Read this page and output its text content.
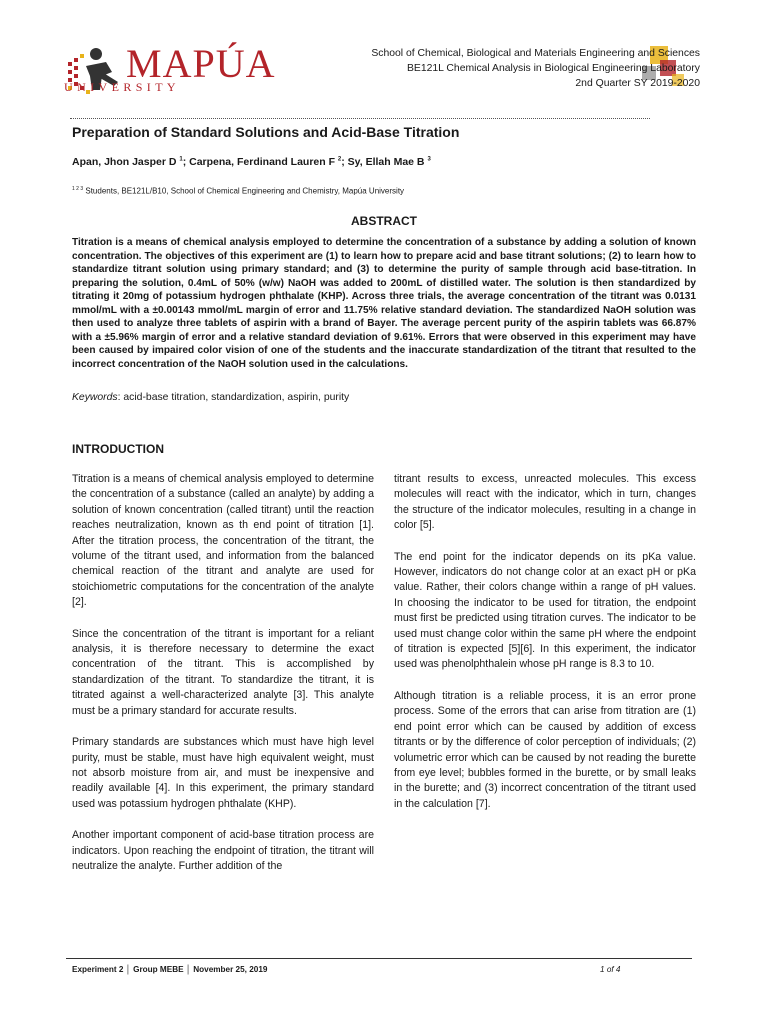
MAPÚA
UNIVERSITY
School of Chemical, Biological and Materials Engineering and Sciences
BE121L Chemical Analysis in Biological Engineering Laboratory
2nd Quarter SY 2019-2020
Preparation of Standard Solutions and Acid-Base Titration
Apan, Jhon Jasper D $^1$; Carpena, Ferdinand Lauren F $^2$; Sy, Ellah Mae B $^3$
$^{1 2 3}$ Students, BE121L/B10, School of Chemical Engineering and Chemistry, Mapúa University
ABSTRACT

Titration is a means of chemical analysis employed to determine the concentration of a substance by adding a solution of known concentration. The objectives of this experiment are (1) to learn how to prepare acid and base titrant solutions; (2) to learn how to standardize titrant solution using primary standard; and (3) to determine the purity of sample through acid base-titration. In preparing the solution, 0.4mL of 50% (w/w) NaOH was added to 200mL of distilled water. The solution is then standardized by titrating it 20mg of potassium hydrogen phthalate (KHP). Across three trials, the average concentration of the titrant was 0.0131 mmol/mL with a ±0.00143 mmol/mL margin of error and 11.75% relative standard deviation. The standardized NaOH solution was then used to analyze three tablets of aspirin with a brand of Bayer. The average percent purity of the aspirin tablets was 66.87% with a ±5.96% margin of error and a relative standard deviation of 9.61%. Errors that were observed in this experiment may have been caused by impaired color vision of one of the students and the inaccurate standardization of the titrant that resulted to the incorrect concentration of the NaOH solution used in the calculations.

Keywords: acid-base titration, standardization, aspirin, purity
INTRODUCTION

Titration is a means of chemical analysis employed to determine the concentration of a substance (called an analyte) by adding a solution of known concentration (called titrant) until the reaction reaches neutralization, known as th end point of titration [1]. After the titration process, the concentration of the titrant, the volume of the titrant used, and information from the balanced chemical reaction of the titrant and analyte are used for stoichiometric computations for the concentration of the analyte [2].

Since the concentration of the titrant is important for a reliant analysis, it is therefore necessary to determine the exact concentration of the titrant. This is accomplished by standardization of the titrant. To standardize the titrant, it is titrated against a well-characterized analyte [3]. This analyte must be a primary standard for accurate results.

Primary standards are substances which must have high level purity, must be stable, must have high equivalent weight, must not absorb moisture from air, and must be inexpensive and readily available [4]. In this experiment, the primary standard used was potassium hydrogen phthalate (KHP).

Another important component of acid-base titration process are indicators. Upon reaching the endpoint of titration, the titrant will neutralize the analyte. Further addition of the

titrant results to excess, unreacted molecules. This excess molecules will react with the indicator, which in turn, changes the structure of the indicator molecules, resulting in a change in color [5].

The end point for the indicator depends on its pKa value. However, indicators do not change color at an exact pH or pKa value. Rather, their colors change within a range of pH values. In choosing the indicator to be used for titration, the endpoint must first be predicted using titration curves. The indicator to be used must change color within the same pH where the endpoint of titration is expected [5][6]. In this experiment, the indicator used was phenolphthalein whose pH range is 8.3 to 10.

Although titration is a reliable process, it is an error prone process. Some of the errors that can arise from titration are (1) end point error which can be caused by addition of excess titrants or by the difference of color perception of individuals; (2) volumetric error which can be caused by not reading the burette from eye level; bubbles formed in the burette, or by small leaks in the burette; and (3) incorrect concentration of the titrant used in the calculation [7].

Experiment 2 │ Group MEBE │ November 25, 2019	1 of 4
